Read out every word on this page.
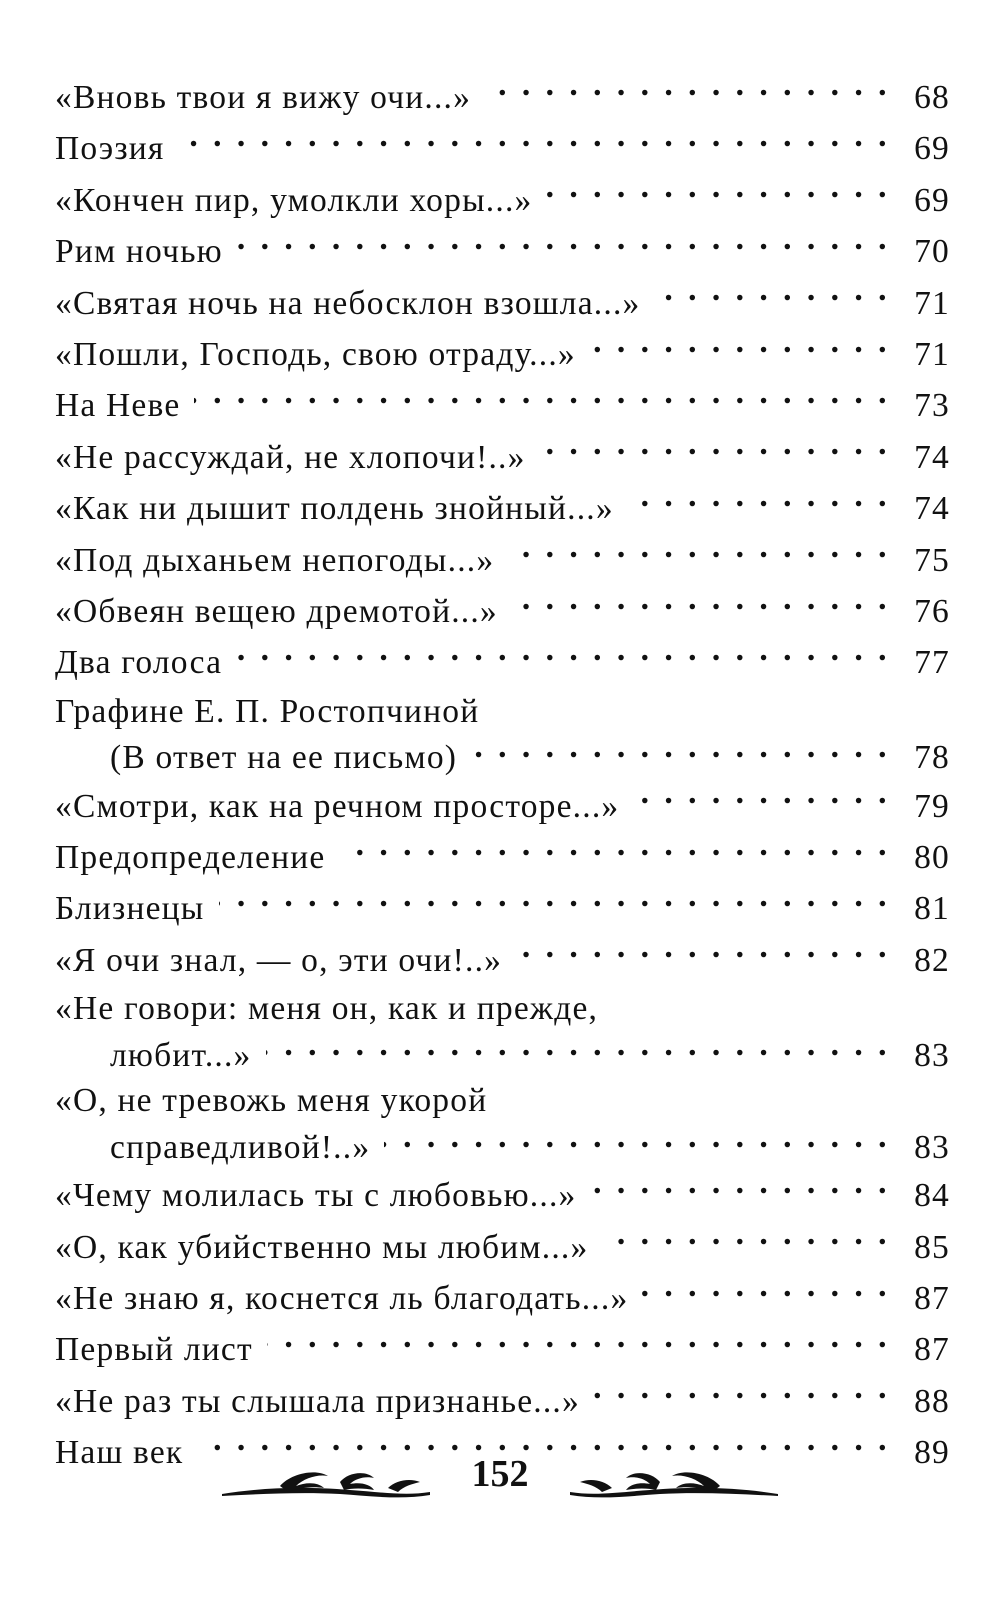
«Вновь твои я вижу очи...» . . .	68
Поэзия . . .	69
«Кончен пир, умолкли хоры...» . . .	69
Рим ночью . . .	70
«Святая ночь на небосклон взошла...» . . .	71
«Пошли, Господь, свою отраду...» . . .	71
На Неве . . .	73
«Не рассуждай, не хлопочи!..» . . .	74
«Как ни дышит полдень знойный...» . . .	74
«Под дыханьем непогоды...» . . .	75
«Обвеян вещею дремотой...» . . .	76
Два голоса . . .	77
Графине Е. П. Ростопчиной
(В ответ на ее письмо) . . .	78
«Смотри, как на речном просторе...» . . .	79
Предопределение . . .	80
Близнецы . . .	81
«Я очи знал, — о, эти очи!..» . . .	82
«Не говори: меня он, как и прежде,
любит...» . . .	83
«О, не тревожь меня укорой
справедливой!..» . . .	83
«Чему молилась ты с любовью...» . . .	84
«О, как убийственно мы любим...» . . .	85
«Не знаю я, коснется ль благодать...» . . .	87
Первый лист . . .	87
«Не раз ты слышала признанье...» . . .	88
Наш век . . .	89
152
